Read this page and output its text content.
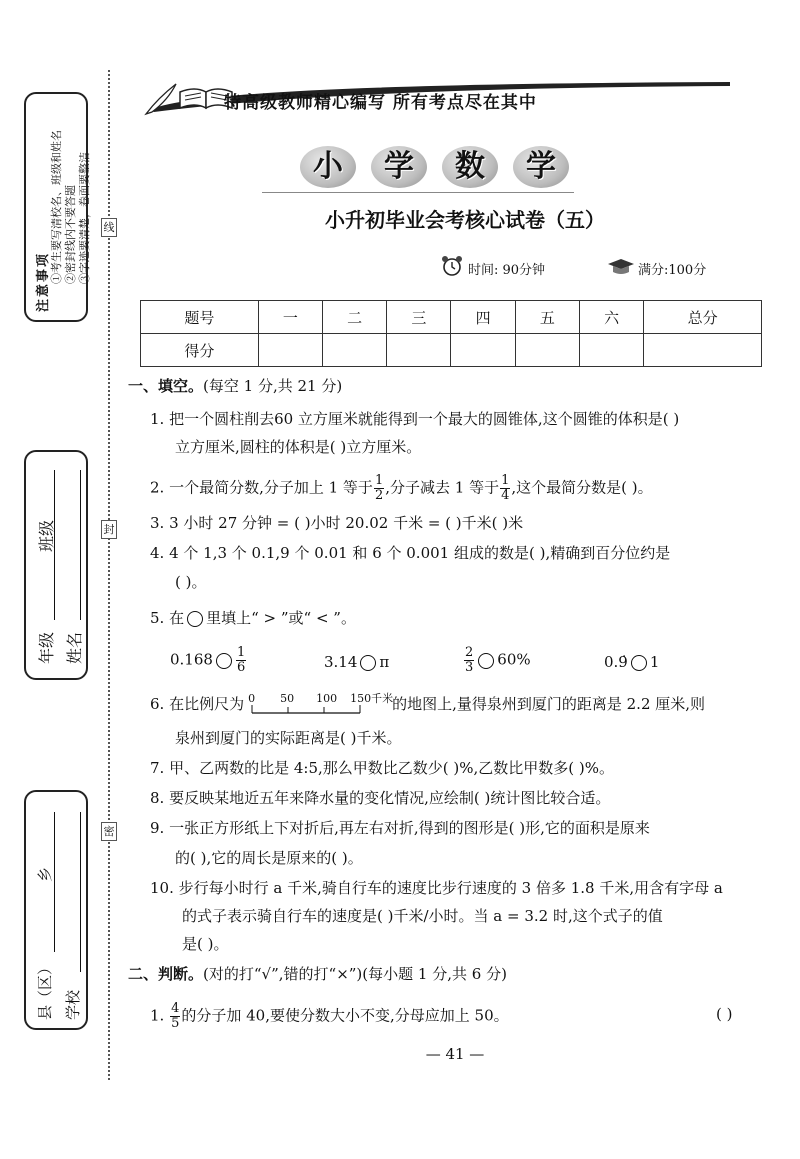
线
封
密
注意事项 ①考生要写清校名、班级和姓名 ②密封线内不要答题 ③字迹要清楚，卷面要整洁
年级
班级
姓名
县（区）
乡
学校
特高级教师精心编写 所有考点尽在其中
小	学	数	学
小升初毕业会考核心试卷（五）
时间: 90分钟	满分:100分
题号	一	二	三	四	五	六	总分
得分							
一、填空。(每空 1 分,共 21 分)
1. 把一个圆柱削去60 立方厘米就能得到一个最大的圆锥体,这个圆锥的体积是( )
立方厘米,圆柱的体积是( )立方厘米。
2. 一个最简分数,分子加上 1 等于 $\frac{1}{2}$ ,分子减去 1 等于 $\frac{1}{4}$ ,这个最简分数是( )。
3. 3 小时 27 分钟 = ( )小时 20.02 千米 = ( )千米( )米
4. 4 个 1,3 个 0.1,9 个 0.01 和 6 个 0.001 组成的数是( ),精确到百分位约是
( )。
5. 在 里填上“ > ”或“ < ”。
$0.168 \frac{1}{6}$	3.14 π	$\frac{2}{3} 60\%$	0.9̇ 1
6. 在比例尺为 0 50 100 150千米 的地图上,量得泉州到厦门的距离是 2.2 厘米,则
泉州到厦门的实际距离是( )千米。
7. 甲、乙两数的比是 4:5,那么甲数比乙数少( )%,乙数比甲数多( )%。
8. 要反映某地近五年来降水量的变化情况,应绘制( )统计图比较合适。
9. 一张正方形纸上下对折后,再左右对折,得到的图形是( )形,它的面积是原来
的( ),它的周长是原来的( )。
10. 步行每小时行 a 千米,骑自行车的速度比步行速度的 3 倍多 1.8 千米,用含有字母 a
的式子表示骑自行车的速度是( )千米/小时。当 a = 3.2 时,这个式子的值
是( )。
二、判断。(对的打“√”,错的打“×”)(每小题 1 分,共 6 分)
1. $\frac{4}{5}$ 的分子加 40,要使分数大小不变,分母应加上 50。	( )
— 41 —
